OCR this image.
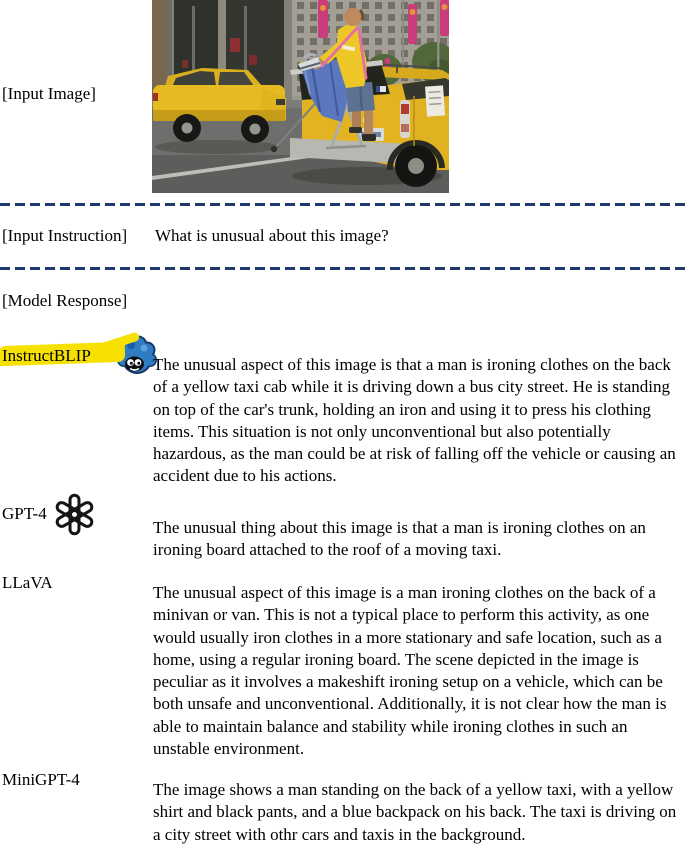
[Input Image]
[Input Instruction] What is unusual about this image?
[Model Response]
InstructBLIP	The unusual aspect of this image is that a man is ironing clothes on the back of a yellow taxi cab while it is driving down a bus city street. He is standing on top of the car's trunk, holding an iron and using it to press his clothing items. This situation is not only unconventional but also potentially hazardous, as the man could be at risk of falling off the vehicle or causing an accident due to his actions.

GPT-4

The unusual thing about this image is that a man is ironing clothes on an ironing board attached to the roof of a moving taxi.

LLaVA

The unusual aspect of this image is a man ironing clothes on the back of a minivan or van. This is not a typical place to perform this activity, as one would usually iron clothes in a more stationary and safe location, such as a home, using a regular ironing board. The scene depicted in the image is peculiar as it involves a makeshift ironing setup on a vehicle, which can be both unsafe and unconventional. Additionally, it is not clear how the man is able to maintain balance and stability while ironing clothes in such an unstable environment.

MiniGPT-4

The image shows a man standing on the back of a yellow taxi, with a yellow shirt and black pants, and a blue backpack on his back. The taxi is driving on a city street with othr cars and taxis in the background.
